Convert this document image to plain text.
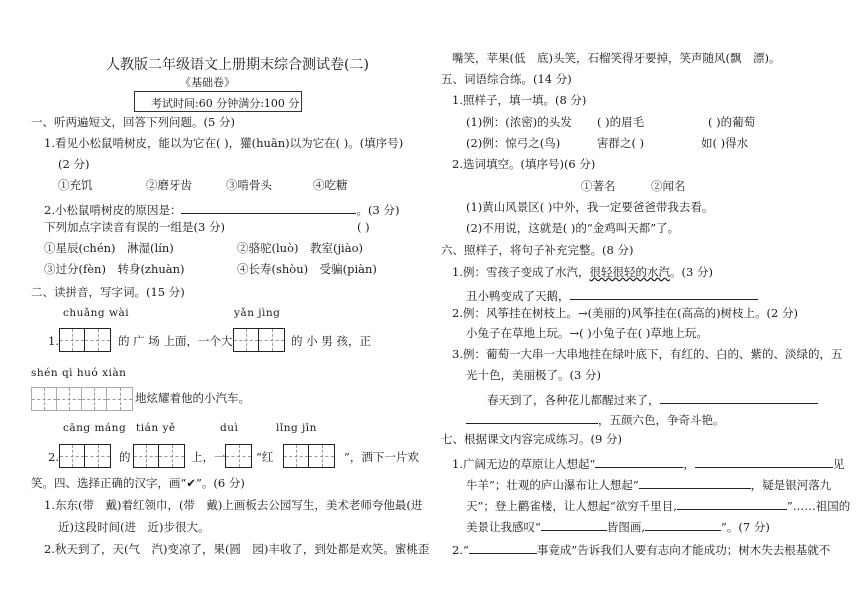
人教版二年级语文上册期末综合测试卷(二)
《基础卷》
考试时间:60 分钟满分:100 分
一、听两遍短文，回答下列问题。(5 分)
1.看见小松鼠啃树皮，能以为它在( )，獾(huān)以为它在( )。(填序号)
(2 分)
①充饥	②磨牙齿	③啃骨头	④吃糖
2.小松鼠啃树皮的原因是：	。(3 分)
下列加点字读音有误的一组是(3 分)	( )
①星辰(chén)　淋湿(lín)	②骆驼(luò)　教室(jiào)
③过分(fèn)　转身(zhuàn)	④长寿(shòu)　受骗(piàn)
二、读拼音，写字词。(15 分)
chuǎng wài	yǎn jìng
1.	的 广 场 上面，一个大	的 小 男 孩，正
shén qì huó xiàn
地炫耀着他的小汽车。
cāng máng tián yě	duì	lǐng jīn
2.	的	上，一	“红	”，洒下一片欢
笑。四、选择正确的汉字，画“✔”。(6 分)
1.东东(带　戴)着红领巾，(带　戴)上画板去公园写生，美术老师夸他最(进
近)这段时间(进　近)步很大。
2.秋天到了，天(气　汽)变凉了，果(圆　园)丰收了，到处都是欢笑。蜜桃歪
嘴笑，苹果(低　底)头笑，石榴笑得牙要掉，笑声随风(飘　漂)。
五、词语综合练。(14 分)
1.照样子，填一填。(8 分)
(1)例：(浓密)的头发 ( )的眉毛	( )的葡萄
(2)例：惊弓之(鸟)	害群之( )	如( )得水
2.选词填空。(填序号)(6 分)
①著名	②闻名
(1)黄山风景区( )中外，我一定要爸爸带我去看。
(2)不用说，这就是( )的“金鸡叫天都”了。
六、照样子，将句子补充完整。(8 分)
1.例：雪孩子变成了水汽，很轻很轻的水汽。(3 分)
丑小鸭变成了天鹅，
2.例：风筝挂在树枝上。→(美丽的)风筝挂在(高高的)树枝上。(2 分)
小兔子在草地上玩。→( )小兔子在( )草地上玩。
3.例：葡萄一大串一大串地挂在绿叶底下，有红的、白的、紫的、淡绿的，五
光十色，美丽极了。(3 分)
春天到了，各种花儿都醒过来了，
，五颜六色，争奇斗艳。
七、根据课文内容完成练习。(9 分)
1.广阔无边的草原让人想起“	，	见
牛羊”；壮观的庐山瀑布让人想起“	，疑是银河落九
天”；登上鹳雀楼，让人想起“欲穷千里目,	”……祖国的
美景让我感叹“	皆图画,	”。(7 分)
2.“	事竟成”告诉我们人要有志向才能成功；树木失去根基就不
